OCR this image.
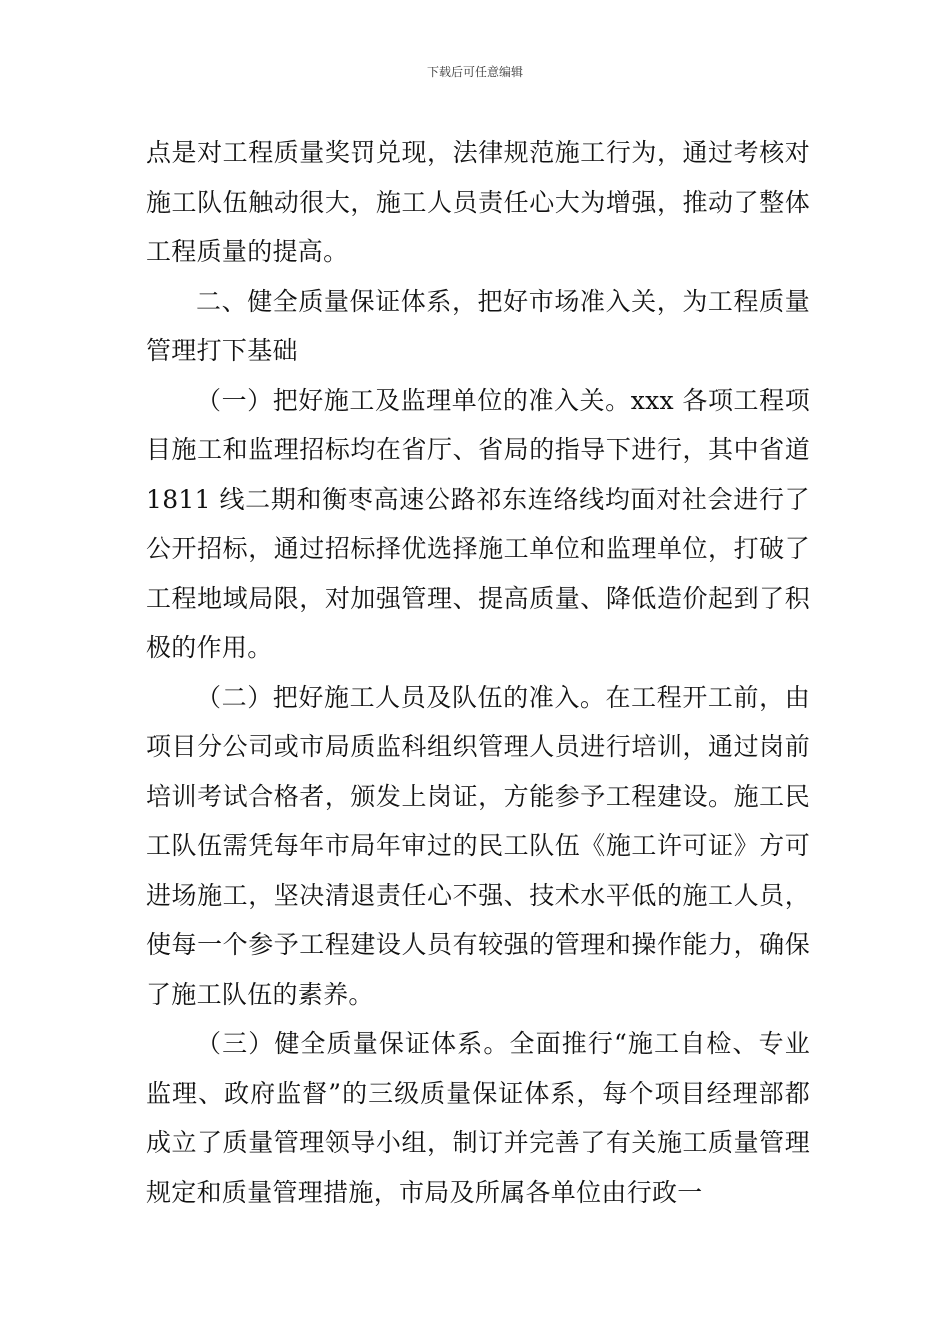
下载后可任意编辑

点是对工程质量奖罚兑现，法律规范施工行为，通过考核对施工队伍触动很大，施工人员责任心大为增强，推动了整体工程质量的提高。

二、健全质量保证体系，把好市场准入关，为工程质量管理打下基础

（一）把好施工及监理单位的准入关。xxx 各项工程项目施工和监理招标均在省厅、省局的指导下进行，其中省道 1811 线二期和衡枣高速公路祁东连络线均面对社会进行了公开招标，通过招标择优选择施工单位和监理单位，打破了工程地域局限，对加强管理、提高质量、降低造价起到了积极的作用。

（二）把好施工人员及队伍的准入。在工程开工前，由项目分公司或市局质监科组织管理人员进行培训，通过岗前培训考试合格者，颁发上岗证，方能参予工程建设。施工民工队伍需凭每年市局年审过的民工队伍《施工许可证》方可进场施工，坚决清退责任心不强、技术水平低的施工人员，使每一个参予工程建设人员有较强的管理和操作能力，确保了施工队伍的素养。

（三）健全质量保证体系。全面推行“施工自检、专业监理、政府监督”的三级质量保证体系，每个项目经理部都成立了质量管理领导小组，制订并完善了有关施工质量管理规定和质量管理措施，市局及所属各单位由行政一
